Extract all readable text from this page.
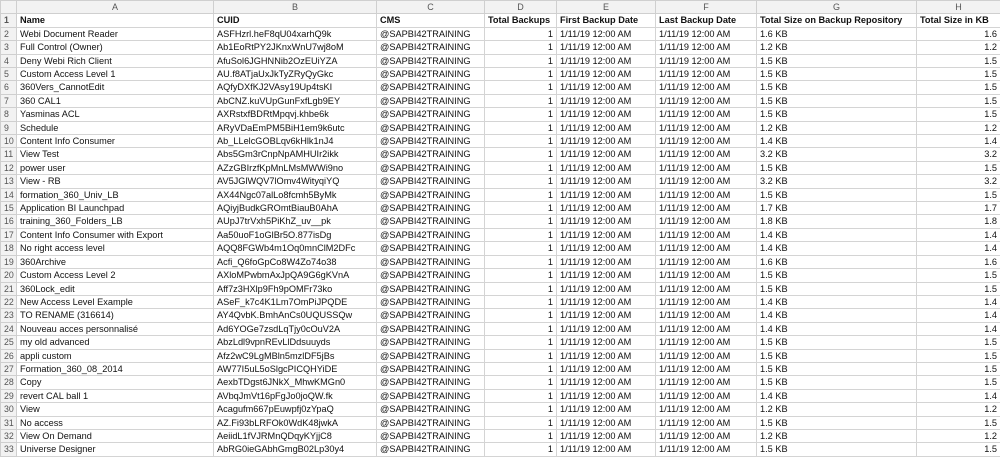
	A	B	C	D	E	F	G	H
1	Name	CUID	CMS	Total Backups	First Backup Date	Last Backup Date	Total Size on Backup Repository	Total Size in KB
2	Webi Document Reader	ASFHzrl.heF8qU04xarhQ9k	@SAPBI42TRAINING	1	1/11/19 12:00 AM	1/11/19 12:00 AM	1.6 KB	1.6
3	Full Control (Owner)	Ab1EoRtPY2JKnxWnU7wj8oM	@SAPBI42TRAINING	1	1/11/19 12:00 AM	1/11/19 12:00 AM	1.2 KB	1.2
4	Deny Webi Rich Client	AfuSol6JGHNNib2OzEUiYZA	@SAPBI42TRAINING	1	1/11/19 12:00 AM	1/11/19 12:00 AM	1.5 KB	1.5
5	Custom Access Level 1	AU.f8ATjaUxJkTyZRyQyGkc	@SAPBI42TRAINING	1	1/11/19 12:00 AM	1/11/19 12:00 AM	1.5 KB	1.5
6	360Vers_CannotEdit	AQfyDXfKJ2VAsy19Up4tsKI	@SAPBI42TRAINING	1	1/11/19 12:00 AM	1/11/19 12:00 AM	1.5 KB	1.5
7	360 CAL1	AbCNZ.kuVUpGunFxfLgb9EY	@SAPBI42TRAINING	1	1/11/19 12:00 AM	1/11/19 12:00 AM	1.5 KB	1.5
8	Yasminas ACL	AXRstxfBDRtMpqvj.khbe6k	@SAPBI42TRAINING	1	1/11/19 12:00 AM	1/11/19 12:00 AM	1.5 KB	1.5
9	Schedule	ARyVDaEmPM5BiH1em9k6utc	@SAPBI42TRAINING	1	1/11/19 12:00 AM	1/11/19 12:00 AM	1.2 KB	1.2
10	Content Info Consumer	Ab_LLelcGOBLqv6kHlk1nJ4	@SAPBI42TRAINING	1	1/11/19 12:00 AM	1/11/19 12:00 AM	1.4 KB	1.4
11	View Test	Abs5Gm3rCnpNpAMHUIr2ikk	@SAPBI42TRAINING	1	1/11/19 12:00 AM	1/11/19 12:00 AM	3.2 KB	3.2
12	power user	AZzGBIrzfKpMnLMsMWWi9no	@SAPBI42TRAINING	1	1/11/19 12:00 AM	1/11/19 12:00 AM	1.5 KB	1.5
13	View - RB	AV5JGlWQV7lOmv4WityqiYQ	@SAPBI42TRAINING	1	1/11/19 12:00 AM	1/11/19 12:00 AM	3.2 KB	3.2
14	formation_360_Univ_LB	AX44Ngc07alLo8fcmh5ByMk	@SAPBI42TRAINING	1	1/11/19 12:00 AM	1/11/19 12:00 AM	1.5 KB	1.5
15	Application BI Launchpad	AQiyjBudkGROmtBiauB0AhA	@SAPBI42TRAINING	1	1/11/19 12:00 AM	1/11/19 12:00 AM	1.7 KB	1.7
16	training_360_Folders_LB	AUpJ7trVxh5PiKhZ_uv__pk	@SAPBI42TRAINING	1	1/11/19 12:00 AM	1/11/19 12:00 AM	1.8 KB	1.8
17	Content Info Consumer with Export	Aa50uoF1oGlBr5O.877isDg	@SAPBI42TRAINING	1	1/11/19 12:00 AM	1/11/19 12:00 AM	1.4 KB	1.4
18	No right access level	AQQ8FGWb4m1Oq0mnClM2DFc	@SAPBI42TRAINING	1	1/11/19 12:00 AM	1/11/19 12:00 AM	1.4 KB	1.4
19	360Archive	Acfi_Q6foGpCo8W4Zo74o38	@SAPBI42TRAINING	1	1/11/19 12:00 AM	1/11/19 12:00 AM	1.6 KB	1.6
20	Custom Access Level 2	AXloMPwbmAxJpQA9G6gKVnA	@SAPBI42TRAINING	1	1/11/19 12:00 AM	1/11/19 12:00 AM	1.5 KB	1.5
21	360Lock_edit	Aff7z3HXlp9Fh9pOMFr73ko	@SAPBI42TRAINING	1	1/11/19 12:00 AM	1/11/19 12:00 AM	1.5 KB	1.5
22	New Access Level Example	ASeF_k7c4K1Lm7OmPiJPQDE	@SAPBI42TRAINING	1	1/11/19 12:00 AM	1/11/19 12:00 AM	1.4 KB	1.4
23	TO RENAME (316614)	AY4QvbK.BmhAnCs0UQUSSQw	@SAPBI42TRAINING	1	1/11/19 12:00 AM	1/11/19 12:00 AM	1.4 KB	1.4
24	Nouveau acces personnalisé	Ad6YOGe7zsdLqTjy0cOuV2A	@SAPBI42TRAINING	1	1/11/19 12:00 AM	1/11/19 12:00 AM	1.4 KB	1.4
25	my old advanced	AbzLdl9vpnREvLlDdsuuyds	@SAPBI42TRAINING	1	1/11/19 12:00 AM	1/11/19 12:00 AM	1.5 KB	1.5
26	appli custom	Afz2wC9LgMBln5mzlDF5jBs	@SAPBI42TRAINING	1	1/11/19 12:00 AM	1/11/19 12:00 AM	1.5 KB	1.5
27	Formation_360_08_2014	AW77I5uL5oSlgcPICQHYiDE	@SAPBI42TRAINING	1	1/11/19 12:00 AM	1/11/19 12:00 AM	1.5 KB	1.5
28	Copy	AexbTDgst6JNkX_MhwKMGn0	@SAPBI42TRAINING	1	1/11/19 12:00 AM	1/11/19 12:00 AM	1.5 KB	1.5
29	revert CAL ball 1	AVbqJmVt16pFgJo0joQW.fk	@SAPBI42TRAINING	1	1/11/19 12:00 AM	1/11/19 12:00 AM	1.4 KB	1.4
30	View	Acagufm667pEuwpfj0zYpaQ	@SAPBI42TRAINING	1	1/11/19 12:00 AM	1/11/19 12:00 AM	1.2 KB	1.2
31	No access	AZ.Fi93bLRFOk0WdK48jwkA	@SAPBI42TRAINING	1	1/11/19 12:00 AM	1/11/19 12:00 AM	1.5 KB	1.5
32	View On Demand	AeiidL1fVJRMnQDqyKYjjC8	@SAPBI42TRAINING	1	1/11/19 12:00 AM	1/11/19 12:00 AM	1.2 KB	1.2
33	Universe Designer	AbRG0ieGAbhGmgB02Lp30y4	@SAPBI42TRAINING	1	1/11/19 12:00 AM	1/11/19 12:00 AM	1.5 KB	1.5
